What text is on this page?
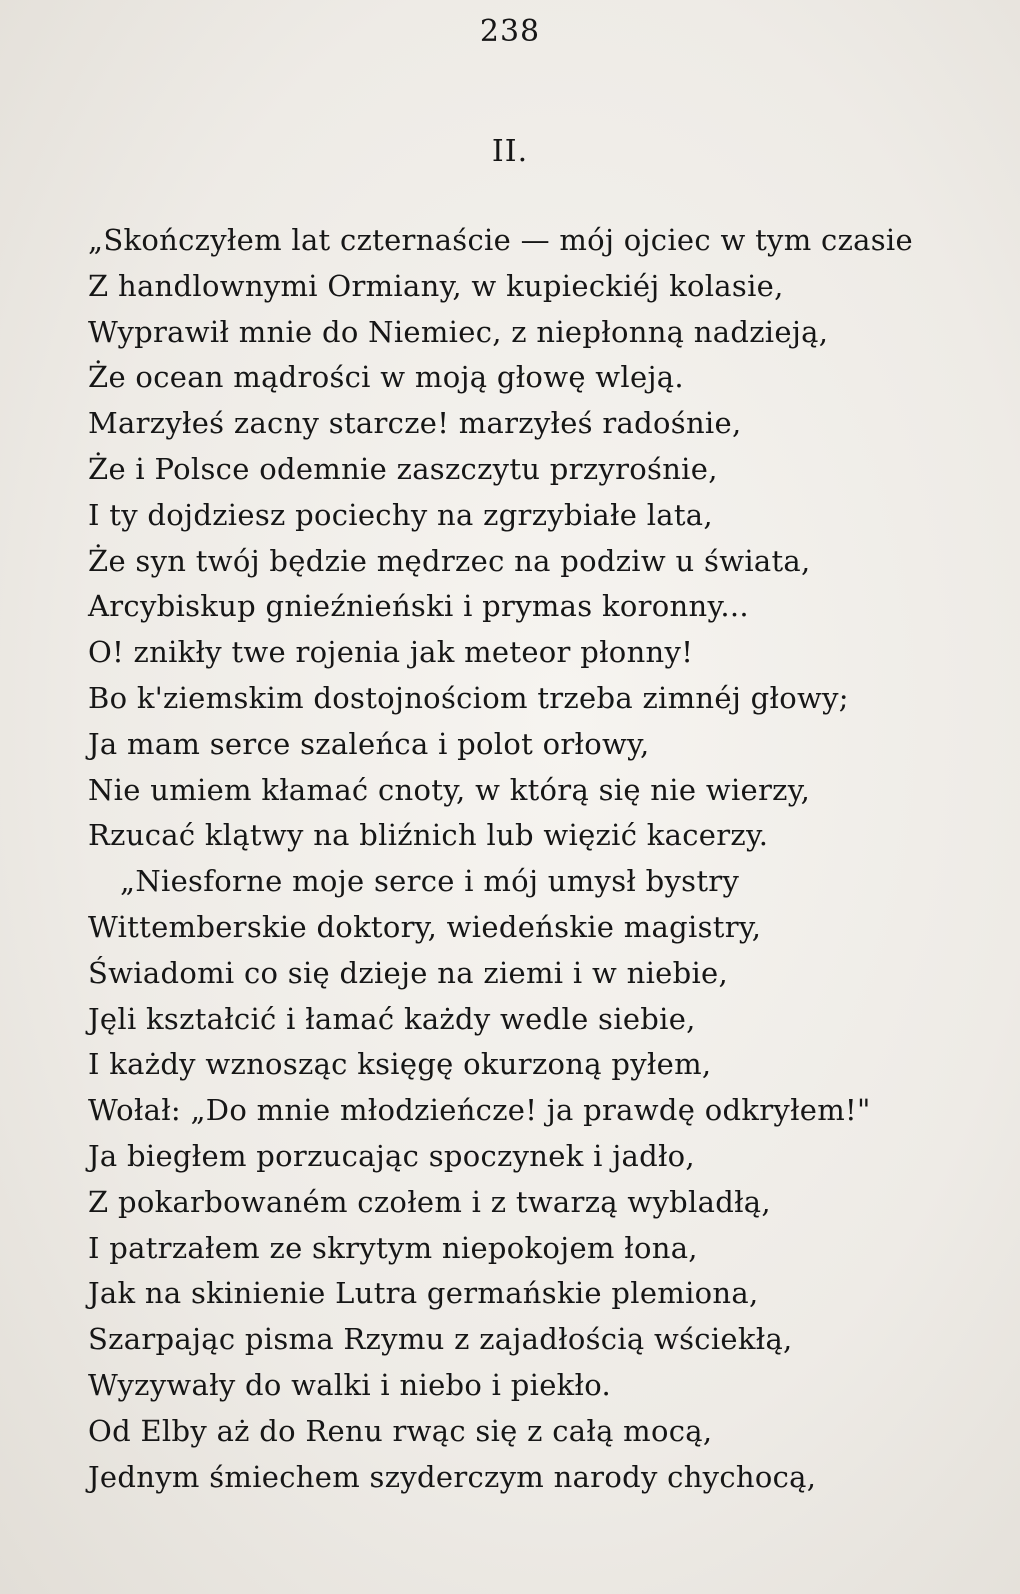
238
II.
„Skończyłem lat czternaście — mój ojciec w tym czasie
Z handlownymi Ormiany, w kupieckiéj kolasie,
Wyprawił mnie do Niemiec, z niepłonną nadzieją,
Że ocean mądrości w moją głowę wleją.
Marzyłeś zacny starcze! marzyłeś radośnie,
Że i Polsce odemnie zaszczytu przyrośnie,
I ty dojdziesz pociechy na zgrzybiałe lata,
Że syn twój będzie mędrzec na podziw u świata,
Arcybiskup gnieźnieński i prymas koronny...
O! znikły twe rojenia jak meteor płonny!
Bo k'ziemskim dostojnościom trzeba zimnéj głowy;
Ja mam serce szaleńca i polot orłowy,
Nie umiem kłamać cnoty, w którą się nie wierzy,
Rzucać klątwy na bliźnich lub więzić kacerzy.
„Niesforne moje serce i mój umysł bystry
Wittemberskie doktory, wiedeńskie magistry,
Świadomi co się dzieje na ziemi i w niebie,
Jęli kształcić i łamać każdy wedle siebie,
I każdy wznosząc księgę okurzoną pyłem,
Wołał: „Do mnie młodzieńcze! ja prawdę odkryłem!"
Ja biegłem porzucając spoczynek i jadło,
Z pokarbowaném czołem i z twarzą wybladłą,
I patrzałem ze skrytym niepokojem łona,
Jak na skinienie Lutra germańskie plemiona,
Szarpając pisma Rzymu z zajadłością wściekłą,
Wyzywały do walki i niebo i piekło.
Od Elby aż do Renu rwąc się z całą mocą,
Jednym śmiechem szyderczym narody chychocą,
